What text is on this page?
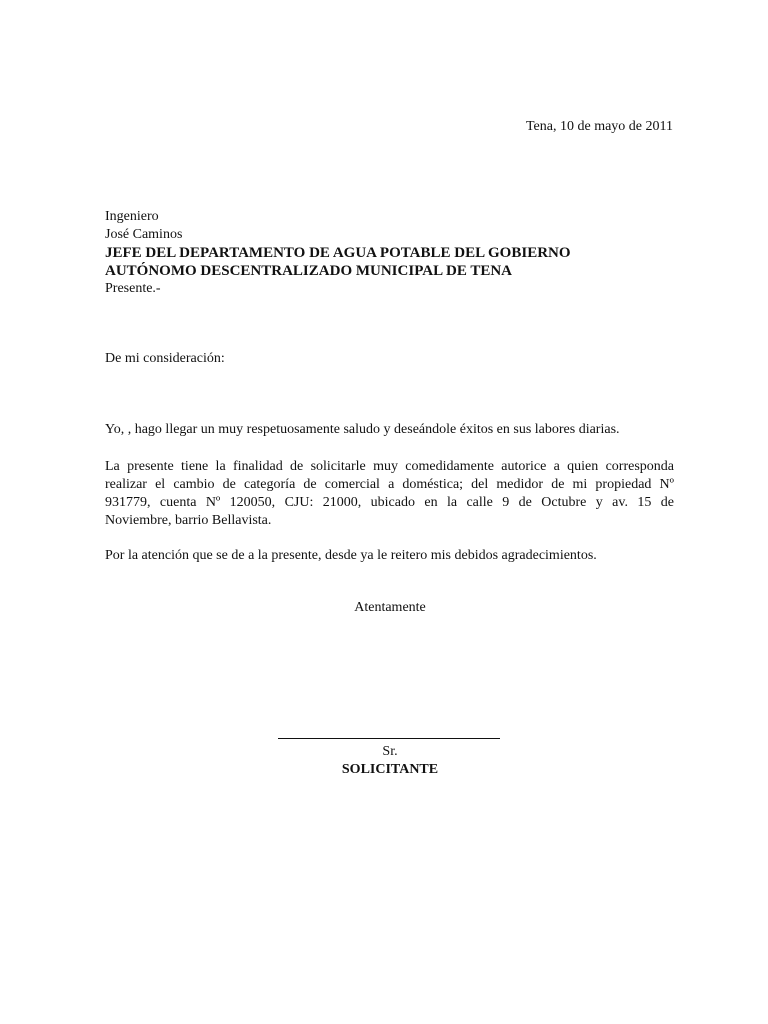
Tena, 10 de mayo de 2011
Ingeniero
José Caminos
JEFE DEL DEPARTAMENTO DE AGUA POTABLE DEL GOBIERNO
AUTÓNOMO DESCENTRALIZADO MUNICIPAL DE TENA
Presente.-
De mi consideración:
Yo, , hago llegar un muy respetuosamente saludo y deseándole éxitos en sus labores diarias.
La presente tiene la finalidad de solicitarle muy comedidamente autorice a quien corresponda
realizar el cambio de categoría de comercial a doméstica; del medidor de mi propiedad Nº
931779, cuenta Nº 120050, CJU: 21000, ubicado en la calle 9 de Octubre y av. 15 de
Noviembre, barrio Bellavista.
Por la atención que se de a la presente, desde ya le reitero mis debidos agradecimientos.
Atentamente
Sr.
SOLICITANTE
